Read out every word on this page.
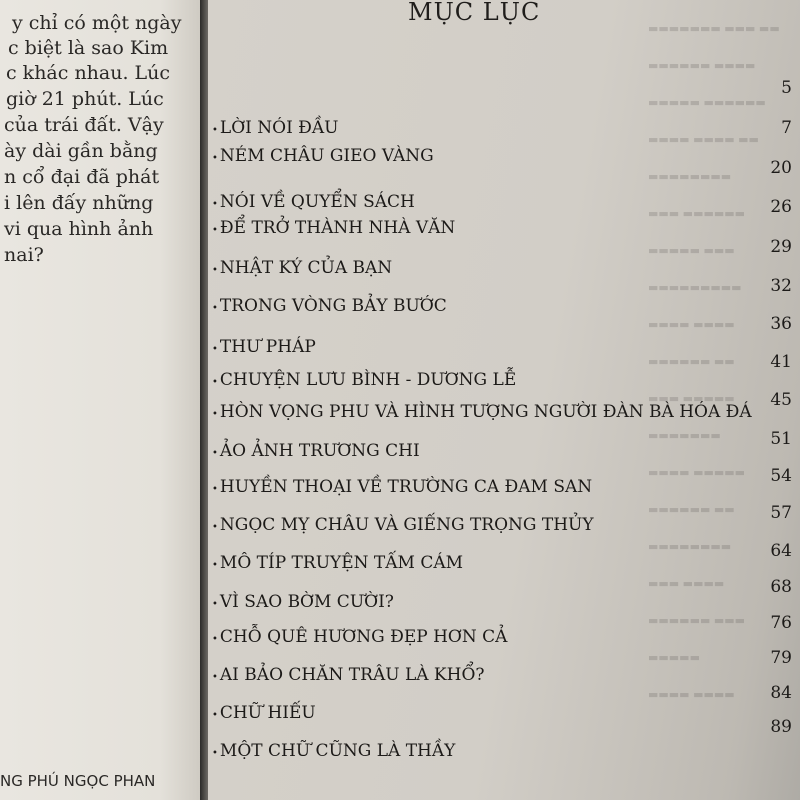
y chỉ có một ngày
c biệt là sao Kim
c khác nhau. Lúc
giờ 21 phút. Lúc
của trái đất. Vậy
ày dài gần bằng
n cổ đại đã phát
i lên đấy những
vi qua hình ảnh
nai?
NG PHÚ NGỌC PHAN
▬▬▬▬▬▬▬ ▬▬▬ ▬▬
▬▬▬▬▬▬ ▬▬▬▬
▬▬▬▬▬ ▬▬▬▬▬▬
▬▬▬▬ ▬▬▬▬ ▬▬
▬▬▬▬▬▬▬▬
▬▬▬ ▬▬▬▬▬▬
▬▬▬▬▬ ▬▬▬
▬▬▬▬▬▬▬▬▬
▬▬▬▬ ▬▬▬▬
▬▬▬▬▬▬ ▬▬
▬▬▬ ▬▬▬▬▬
▬▬▬▬▬▬▬
▬▬▬▬ ▬▬▬▬▬
▬▬▬▬▬▬ ▬▬
▬▬▬▬▬▬▬▬
▬▬▬ ▬▬▬▬
▬▬▬▬▬▬ ▬▬▬
▬▬▬▬▬
▬▬▬▬ ▬▬▬▬
MỤC LỤC
• LỜI NÓI ĐẦU
• NÉM CHÂU GIEO VÀNG
• NÓI VỀ QUYỂN SÁCH
• ĐỂ TRỞ THÀNH NHÀ VĂN
• NHẬT KÝ CỦA BẠN
• TRONG VÒNG BẢY BƯỚC
• THƯ PHÁP
• CHUYỆN LƯU BÌNH - DƯƠNG LỄ
• HÒN VỌNG PHU VÀ HÌNH TƯỢNG NGƯỜI ĐÀN BÀ HÓA ĐÁ
• ẢO ẢNH TRƯƠNG CHI
• HUYỀN THOẠI VỀ TRƯỜNG CA ĐAM SAN
• NGỌC MỴ CHÂU VÀ GIẾNG TRỌNG THỦY
• MÔ TÍP TRUYỆN TẤM CÁM
• VÌ SAO BỜM CƯỜI?
• CHỖ QUÊ HƯƠNG ĐẸP HƠN CẢ
• AI BẢO CHĂN TRÂU LÀ KHỔ?
• CHỮ HIẾU
• MỘT CHỮ CŨNG LÀ THẦY
5
7
20
26
29
32
36
41
45
51
54
57
64
68
76
79
84
89
